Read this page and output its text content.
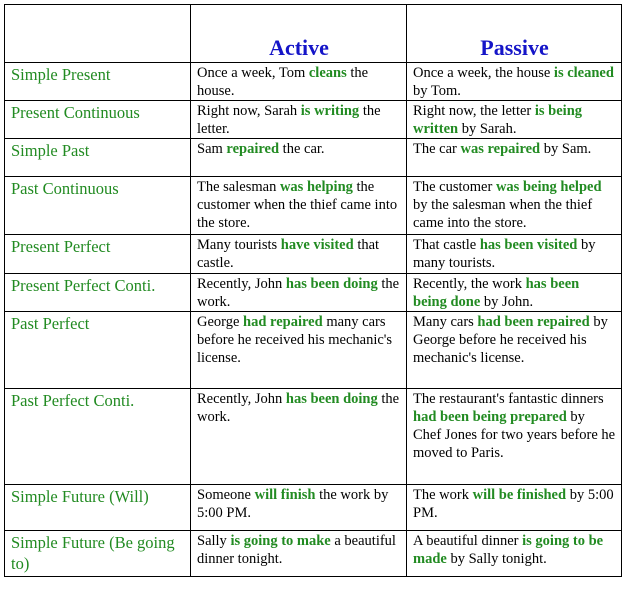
	Active	Passive
Simple Present	Once a week, Tom cleans the house.	Once a week, the house is cleaned by Tom.
Present Continuous	Right now, Sarah is writing the letter.	Right now, the letter is being written by Sarah.
Simple Past	Sam repaired the car.	The car was repaired by Sam.
Past Continuous	The salesman was helping the customer when the thief came into the store.	The customer was being helped by the salesman when the thief came into the store.
Present Perfect	Many tourists have visited that castle.	That castle has been visited by many tourists.
Present Perfect Conti.	Recently, John has been doing the work.	Recently, the work has been being done by John.
Past Perfect	George had repaired many cars before he received his mechanic's license.	Many cars had been repaired by George before he received his mechanic's license.
Past Perfect Conti.	Recently, John has been doing the work.	The restaurant's fantastic dinners had been being prepared by Chef Jones for two years before he moved to Paris.
Simple Future (Will)	Someone will finish the work by 5:00 PM.	The work will be finished by 5:00 PM.
Simple Future (Be going to)	Sally is going to make a beautiful dinner tonight.	A beautiful dinner is going to be made by Sally tonight.
